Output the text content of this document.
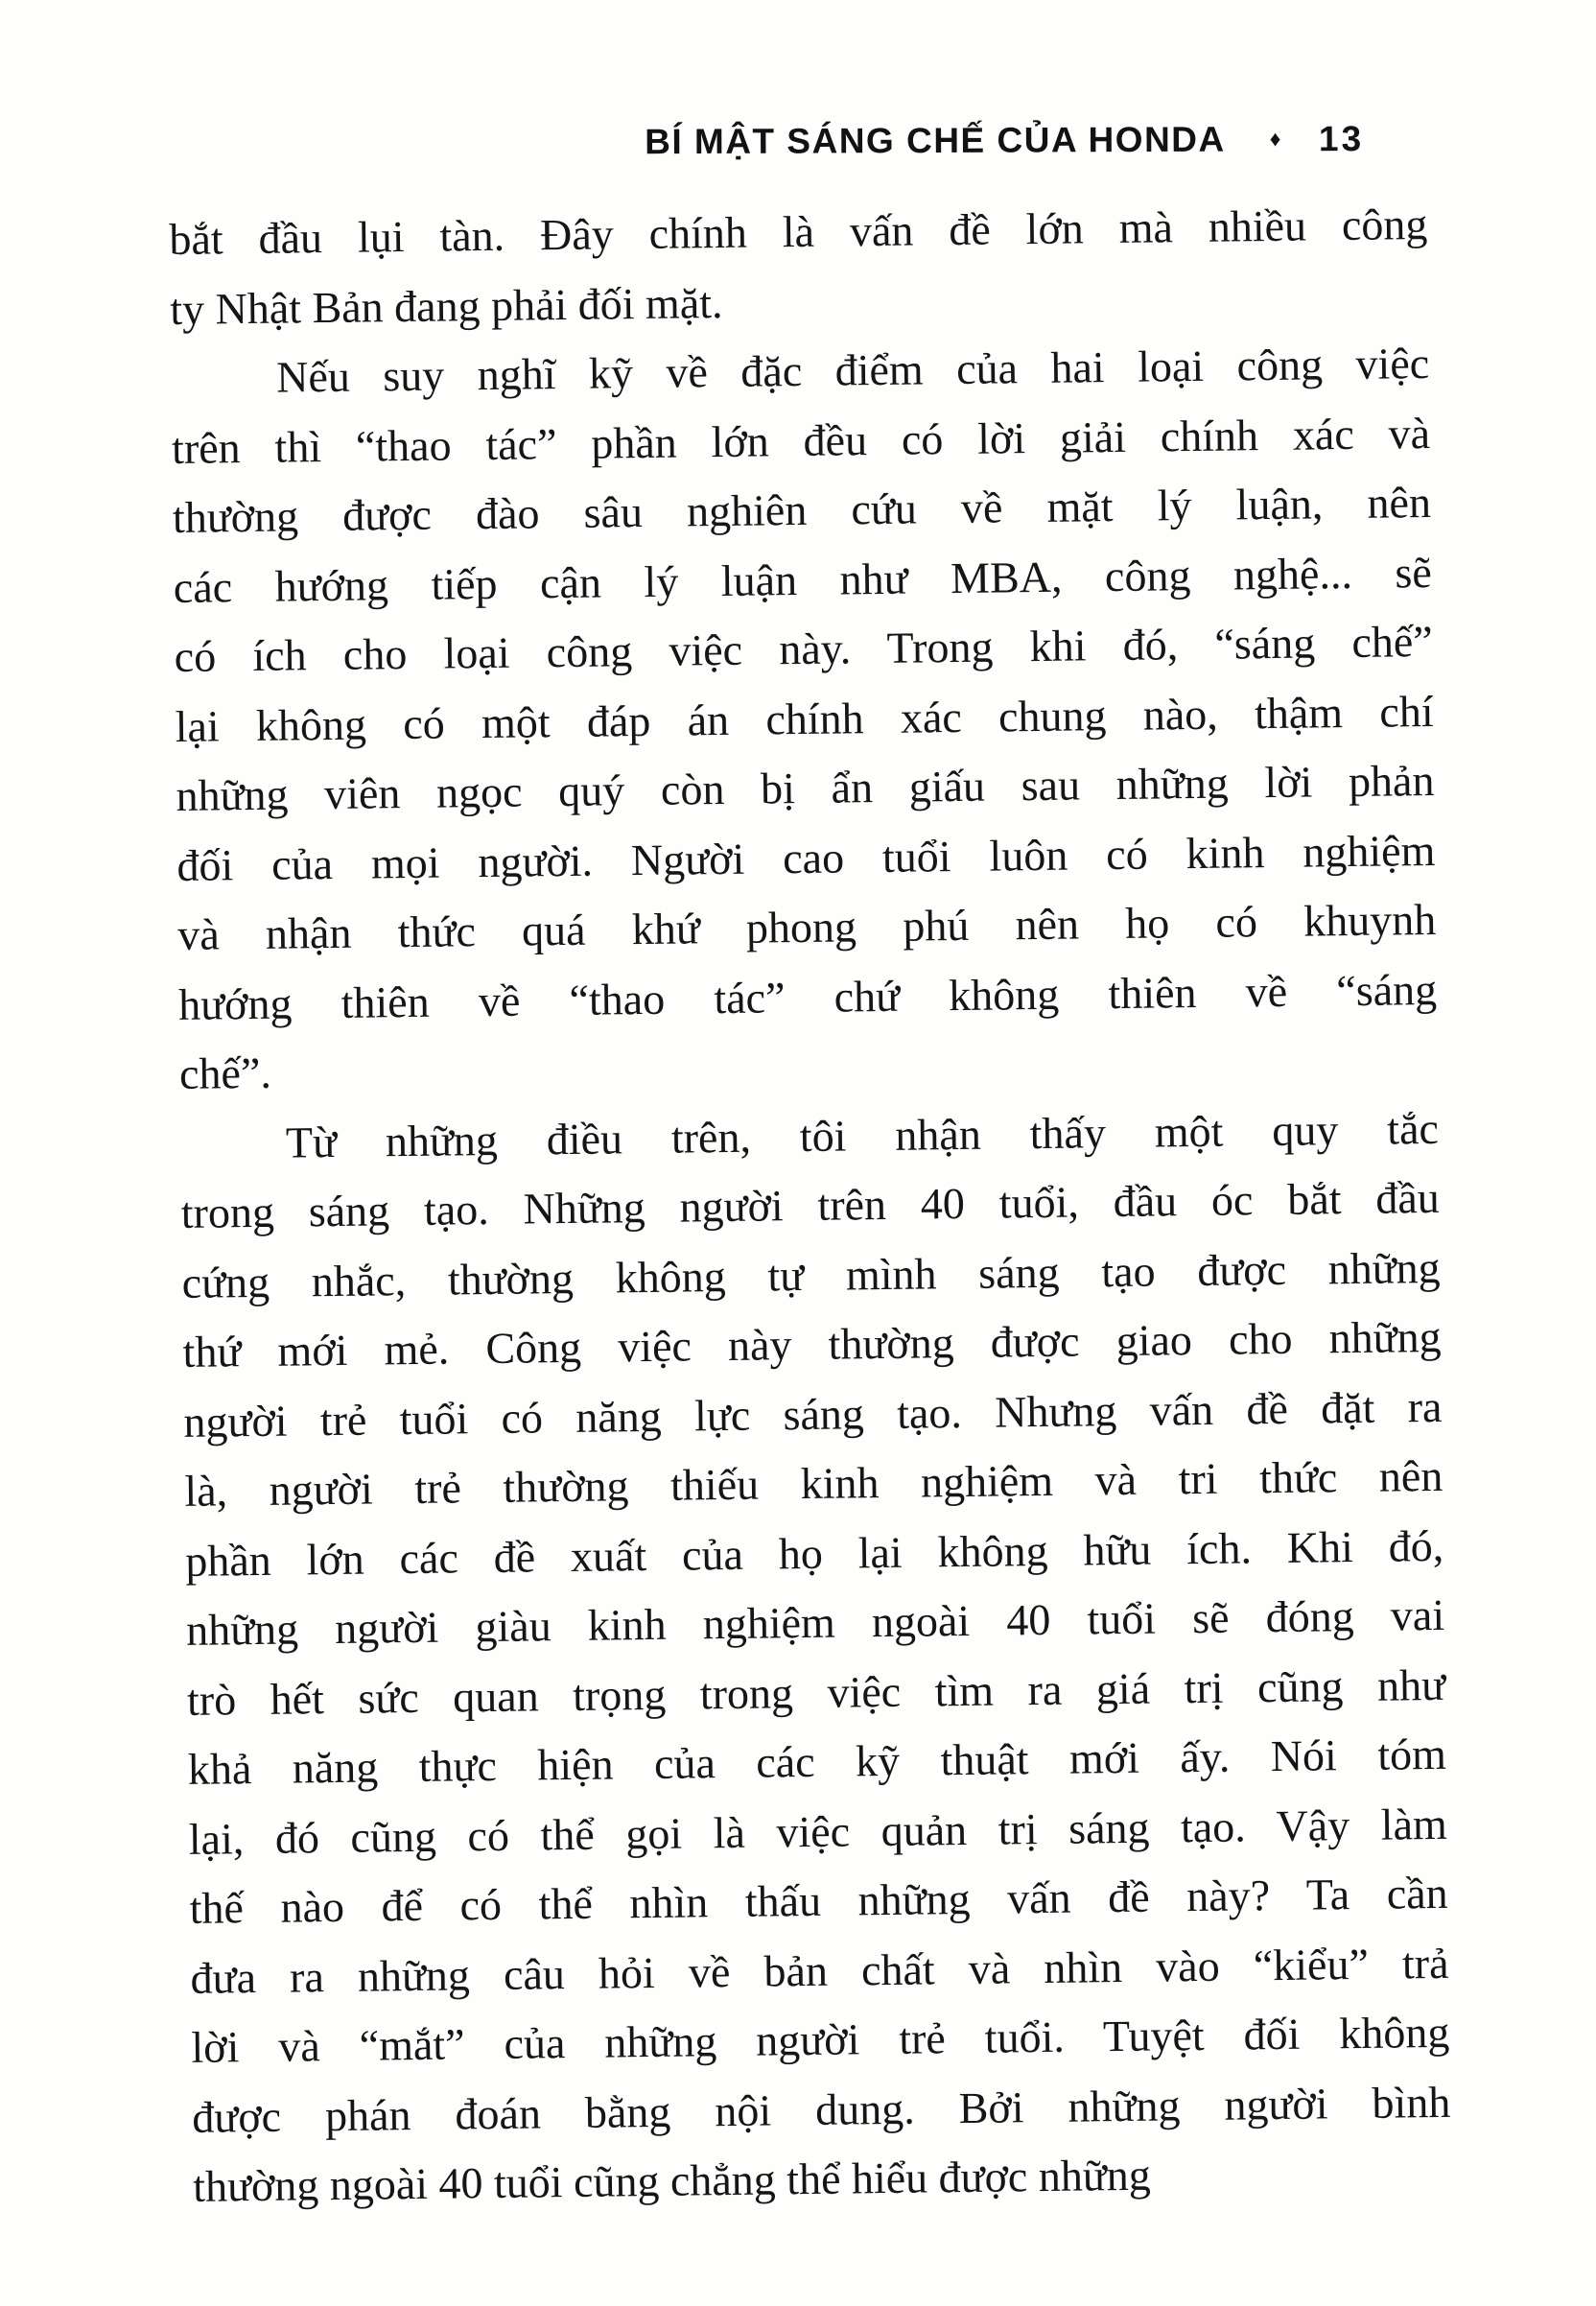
BÍ MẬT SÁNG CHẾ CỦA HONDA ♦ 13
bắt đầu lụi tàn. Đây chính là vấn đề lớn mà nhiều công
ty Nhật Bản đang phải đối mặt.
Nếu suy nghĩ kỹ về đặc điểm của hai loại công việc
trên thì “thao tác” phần lớn đều có lời giải chính xác và
thường được đào sâu nghiên cứu về mặt lý luận, nên
các hướng tiếp cận lý luận như MBA, công nghệ... sẽ
có ích cho loại công việc này. Trong khi đó, “sáng chế”
lại không có một đáp án chính xác chung nào, thậm chí
những viên ngọc quý còn bị ẩn giấu sau những lời phản
đối của mọi người. Người cao tuổi luôn có kinh nghiệm
và nhận thức quá khứ phong phú nên họ có khuynh
hướng thiên về “thao tác” chứ không thiên về “sáng
chế”.
Từ những điều trên, tôi nhận thấy một quy tắc
trong sáng tạo. Những người trên 40 tuổi, đầu óc bắt đầu
cứng nhắc, thường không tự mình sáng tạo được những
thứ mới mẻ. Công việc này thường được giao cho những
người trẻ tuổi có năng lực sáng tạo. Nhưng vấn đề đặt ra
là, người trẻ thường thiếu kinh nghiệm và tri thức nên
phần lớn các đề xuất của họ lại không hữu ích. Khi đó,
những người giàu kinh nghiệm ngoài 40 tuổi sẽ đóng vai
trò hết sức quan trọng trong việc tìm ra giá trị cũng như
khả năng thực hiện của các kỹ thuật mới ấy. Nói tóm
lại, đó cũng có thể gọi là việc quản trị sáng tạo. Vậy làm
thế nào để có thể nhìn thấu những vấn đề này? Ta cần
đưa ra những câu hỏi về bản chất và nhìn vào “kiểu” trả
lời và “mắt” của những người trẻ tuổi. Tuyệt đối không
được phán đoán bằng nội dung. Bởi những người bình
thường ngoài 40 tuổi cũng chẳng thể hiểu được những
